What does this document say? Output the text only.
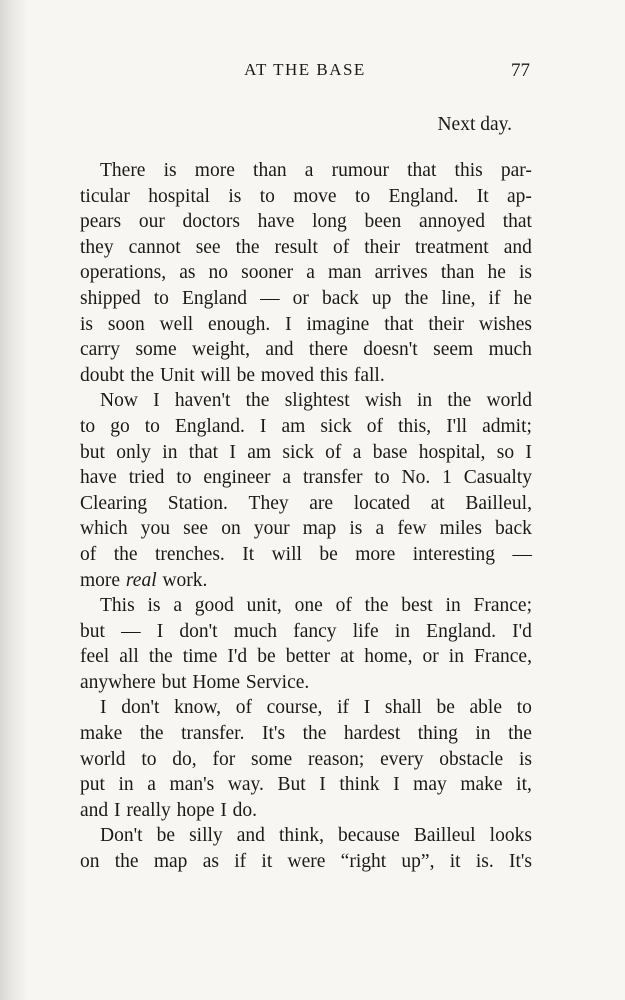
AT THE BASE	77
Next day.
There is more than a rumour that this par-
ticular hospital is to move to England. It ap-
pears our doctors have long been annoyed that
they cannot see the result of their treatment and
operations, as no sooner a man arrives than he is
shipped to England — or back up the line, if he
is soon well enough. I imagine that their wishes
carry some weight, and there doesn't seem much
doubt the Unit will be moved this fall.
Now I haven't the slightest wish in the world
to go to England. I am sick of this, I'll admit;
but only in that I am sick of a base hospital, so I
have tried to engineer a transfer to No. 1 Casualty
Clearing Station. They are located at Bailleul,
which you see on your map is a few miles back
of the trenches. It will be more interesting —
more real work.
This is a good unit, one of the best in France;
but — I don't much fancy life in England. I'd
feel all the time I'd be better at home, or in France,
anywhere but Home Service.
I don't know, of course, if I shall be able to
make the transfer. It's the hardest thing in the
world to do, for some reason; every obstacle is
put in a man's way. But I think I may make it,
and I really hope I do.
Don't be silly and think, because Bailleul looks
on the map as if it were “right up”, it is. It's
